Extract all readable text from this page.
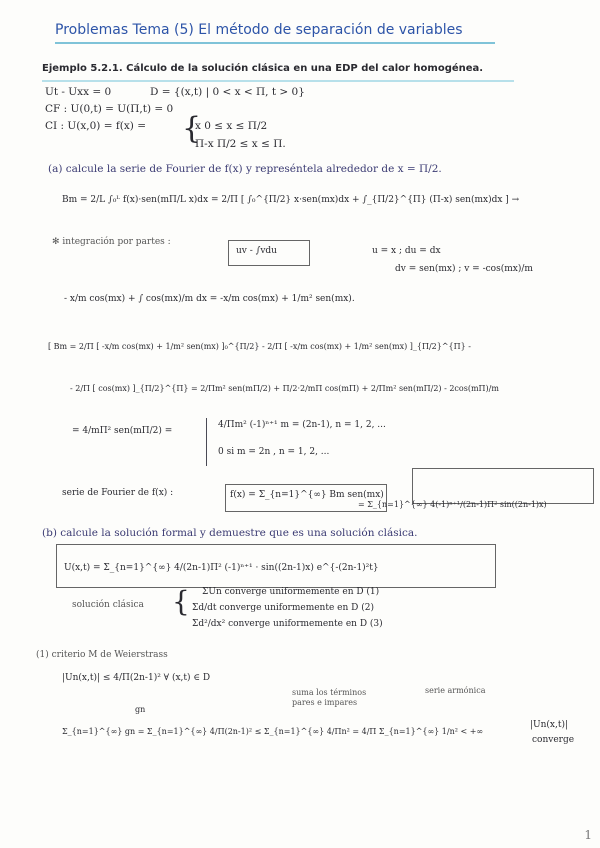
Problemas Tema (5) El método de separación de variables
Ejemplo 5.2.1. Cálculo de la solución clásica en una EDP del calor homogénea.
Ut - Uxx = 0	D = {(x,t) | 0 < x < Π, t > 0}
CF : U(0,t) = U(Π,t) = 0
CI : U(x,0) = f(x) = {
x 0 ≤ x ≤ Π/2
Π-x Π/2 ≤ x ≤ Π.
(a) calcule la serie de Fourier de f(x) y represéntela alrededor de x = Π/2.
Bm = 2/L ∫₀ᴸ f(x)·sen(mΠ/L x)dx = 2/Π [ ∫₀^{Π/2} x·sen(mx)dx + ∫_{Π/2}^{Π} (Π-x) sen(mx)dx ] →
✻ integración por partes :
uv - ∫vdu	u = x ; du = dx
dv = sen(mx) ; v = -cos(mx)/m
- x/m cos(mx) + ∫ cos(mx)/m dx = -x/m cos(mx) + 1/m² sen(mx).
[ Bm = 2/Π [ -x/m cos(mx) + 1/m² sen(mx) ]₀^{Π/2} - 2/Π [ -x/m cos(mx) + 1/m² sen(mx) ]_{Π/2}^{Π} -
- 2/Π [ cos(mx) ]_{Π/2}^{Π} = 2/Πm² sen(mΠ/2) + Π/2·2/mΠ cos(mΠ) + 2/Πm² sen(mΠ/2) - 2cos(mΠ)/m
= 4/mΠ² sen(mΠ/2) =
4/Πm² (-1)ⁿ⁺¹ m = (2n-1), n = 1, 2, ...
0 si m = 2n , n = 1, 2, ...
serie de Fourier de f(x) :	f(x) = Σ_{n=1}^{∞} Bm sen(mx)
= Σ_{n=1}^{∞} 4(-1)ⁿ⁺¹/(2n-1)Π² sin((2n-1)x)
(b) calcule la solución formal y demuestre que es una solución clásica.
U(x,t) = Σ_{n=1}^{∞} 4/(2n-1)Π² (-1)ⁿ⁺¹ · sin((2n-1)x) e^{-(2n-1)²t}
solución clásica { ΣUn converge uniformemente en D (1)
Σd/dt converge uniformemente en D (2)
Σd²/dx² converge uniformemente en D (3)
(1) criterio M de Weierstrass
|Un(x,t)| ≤ 4/Π(2n-1)² ∀ (x,t) ∈ D
gn
suma los términos pares e impares
serie armónica
Σ_{n=1}^{∞} gn = Σ_{n=1}^{∞} 4/Π(2n-1)² ≤ Σ_{n=1}^{∞} 4/Πn² = 4/Π Σ_{n=1}^{∞} 1/n² < +∞
|Un(x,t)|
converge
1
